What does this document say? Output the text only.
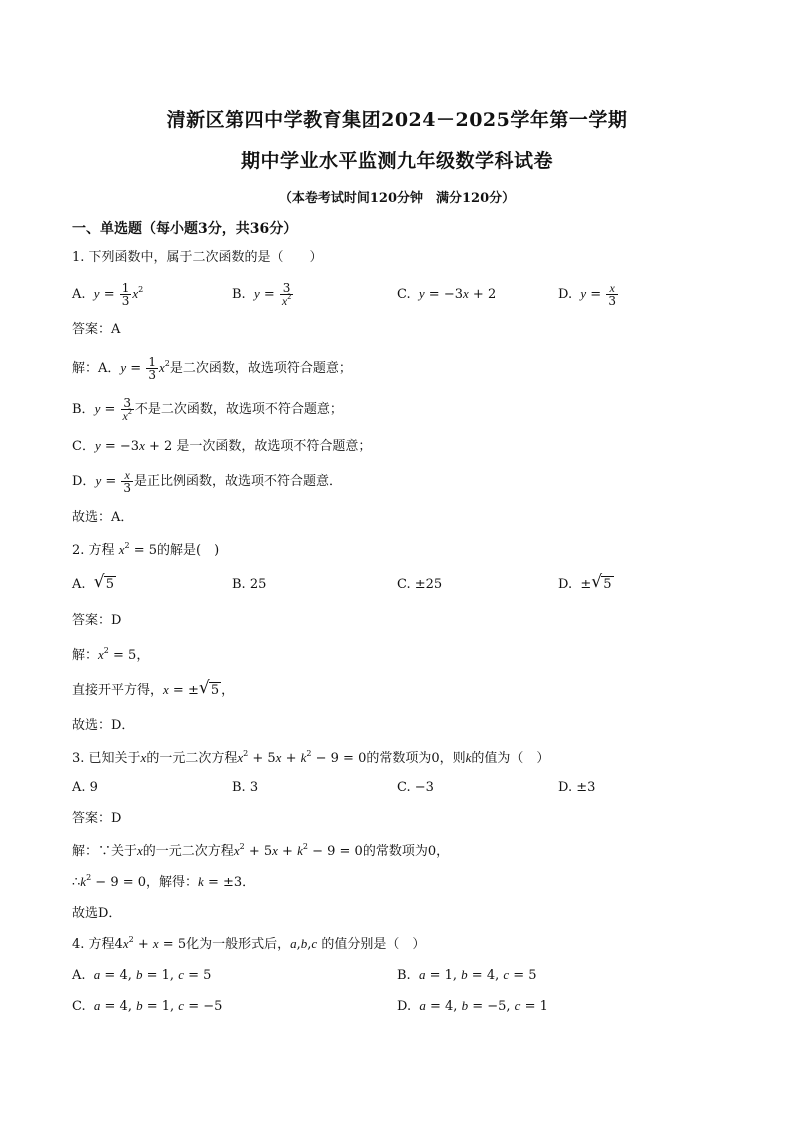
清新区第四中学教育集团2024－2025学年第一学期
期中学业水平监测九年级数学科试卷
（本卷考试时间120分钟　满分120分）
一、单选题（每小题3分，共36分）
1. 下列函数中，属于二次函数的是（　　）
A. $y = \frac{1}{3} x^2$	B. $y = \frac{3}{x^2}$	C. y = −3x + 2	D. $y = \frac{x}{3}$
答案：A
解：A．$y = \frac{1}{3} x^2$是二次函数，故选项符合题意；
B．$y = \frac{3}{x^2}$ 不是二次函数，故选项不符合题意；
C．y = −3x + 2 是一次函数，故选项不符合题意；
D．$y = \frac{x}{3}$ 是正比例函数，故选项不符合题意．
故选：A．
2. 方程 $x^2 = 5$的解是(　)
A. √ 5	B. 25	C. ±25	D.  ± √ 5
答案：D
解：$x^2 = 5$，
直接开平方得，x = ± √ 5 ，
故选：D．
3. 已知关于x的一元二次方程$x^2 + 5x + k^2 - 9 = 0$的常数项为0，则k的值为（　）
A. 9	B. 3	C. −3	D. ±3
答案：D
解：∵关于x的一元二次方程$x^2 + 5x + k^2 - 9 = 0$的常数项为0，
$\therefore k^2 - 9 = 0$，解得：k = ±3．
故选D．
4. 方程$4x^2 + x = 5$化为一般形式后，a,b,c 的值分别是（　）
A. a = 4, b = 1, c = 5	B. a = 1, b = 4, c = 5
C. a = 4, b = 1, c = −5	D. a = 4, b = −5, c = 1
